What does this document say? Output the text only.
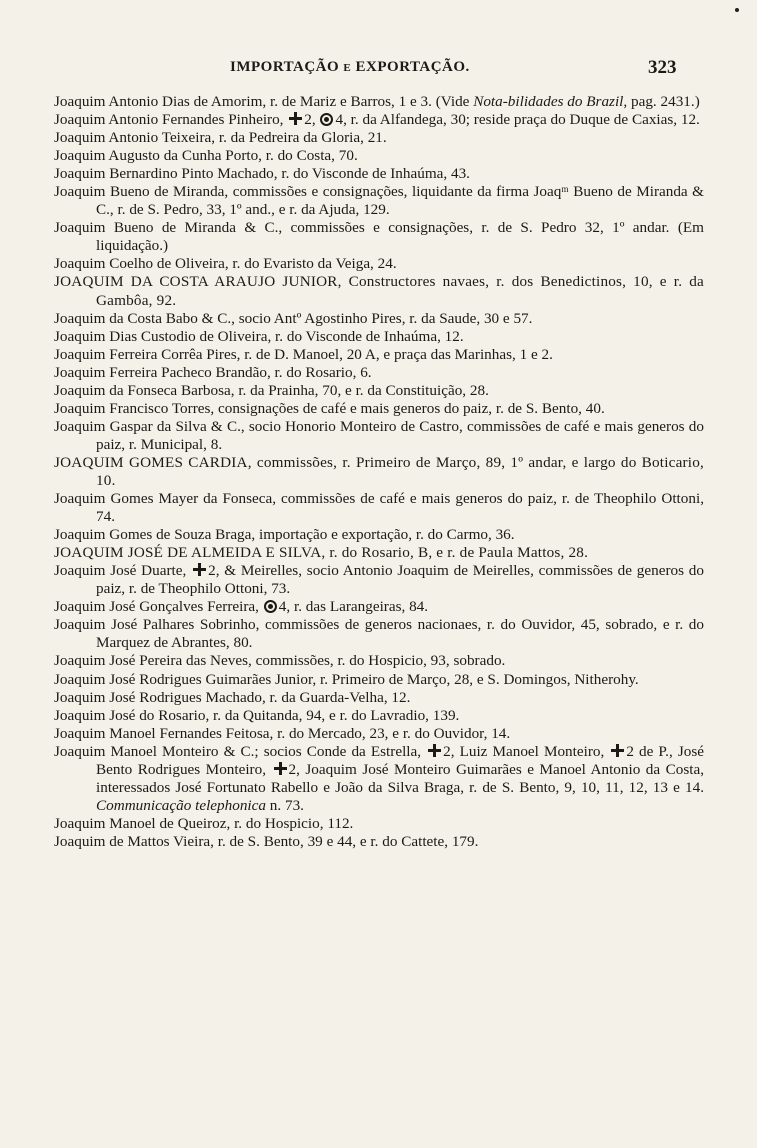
IMPORTAÇÃO e EXPORTAÇÃO.	323
Joaquim Antonio Dias de Amorim, r. de Mariz e Barros, 1 e 3. (Vide Nota-bilidades do Brazil, pag. 2431.)
Joaquim Antonio Fernandes Pinheiro, 2, 4, r. da Alfandega, 30; reside praça do Duque de Caxias, 12.
Joaquim Antonio Teixeira, r. da Pedreira da Gloria, 21.
Joaquim Augusto da Cunha Porto, r. do Costa, 70.
Joaquim Bernardino Pinto Machado, r. do Visconde de Inhaúma, 43.
Joaquim Bueno de Miranda, commissões e consignações, liquidante da firma Joaqᵐ Bueno de Miranda & C., r. de S. Pedro, 33, 1º and., e r. da Ajuda, 129.
Joaquim Bueno de Miranda & C., commissões e consignações, r. de S. Pedro 32, 1º andar. (Em liquidação.)
Joaquim Coelho de Oliveira, r. do Evaristo da Veiga, 24.
JOAQUIM DA COSTA ARAUJO JUNIOR, Constructores navaes, r. dos Benedictinos, 10, e r. da Gambôa, 92.
Joaquim da Costa Babo & C., socio Antº Agostinho Pires, r. da Saude, 30 e 57.
Joaquim Dias Custodio de Oliveira, r. do Visconde de Inhaúma, 12.
Joaquim Ferreira Corrêa Pires, r. de D. Manoel, 20 A, e praça das Marinhas, 1 e 2.
Joaquim Ferreira Pacheco Brandão, r. do Rosario, 6.
Joaquim da Fonseca Barbosa, r. da Prainha, 70, e r. da Constituição, 28.
Joaquim Francisco Torres, consignações de café e mais generos do paiz, r. de S. Bento, 40.
Joaquim Gaspar da Silva & C., socio Honorio Monteiro de Castro, commissões de café e mais generos do paiz, r. Municipal, 8.
JOAQUIM GOMES CARDIA, commissões, r. Primeiro de Março, 89, 1º andar, e largo do Boticario, 10.
Joaquim Gomes Mayer da Fonseca, commissões de café e mais generos do paiz, r. de Theophilo Ottoni, 74.
Joaquim Gomes de Souza Braga, importação e exportação, r. do Carmo, 36.
JOAQUIM JOSÉ DE ALMEIDA E SILVA, r. do Rosario, B, e r. de Paula Mattos, 28.
Joaquim José Duarte, 2, & Meirelles, socio Antonio Joaquim de Meirelles, commissões de generos do paiz, r. de Theophilo Ottoni, 73.
Joaquim José Gonçalves Ferreira, 4, r. das Larangeiras, 84.
Joaquim José Palhares Sobrinho, commissões de generos nacionaes, r. do Ouvidor, 45, sobrado, e r. do Marquez de Abrantes, 80.
Joaquim José Pereira das Neves, commissões, r. do Hospicio, 93, sobrado.
Joaquim José Rodrigues Guimarães Junior, r. Primeiro de Março, 28, e S. Domingos, Nitherohy.
Joaquim José Rodrigues Machado, r. da Guarda-Velha, 12.
Joaquim José do Rosario, r. da Quitanda, 94, e r. do Lavradio, 139.
Joaquim Manoel Fernandes Feitosa, r. do Mercado, 23, e r. do Ouvidor, 14.
Joaquim Manoel Monteiro & C.; socios Conde da Estrella, 2, Luiz Manoel Monteiro, 2 de P., José Bento Rodrigues Monteiro, 2, Joaquim José Monteiro Guimarães e Manoel Antonio da Costa, interessados José Fortunato Rabello e João da Silva Braga, r. de S. Bento, 9, 10, 11, 12, 13 e 14. Communicação telephonica n. 73.
Joaquim Manoel de Queiroz, r. do Hospicio, 112.
Joaquim de Mattos Vieira, r. de S. Bento, 39 e 44, e r. do Cattete, 179.
